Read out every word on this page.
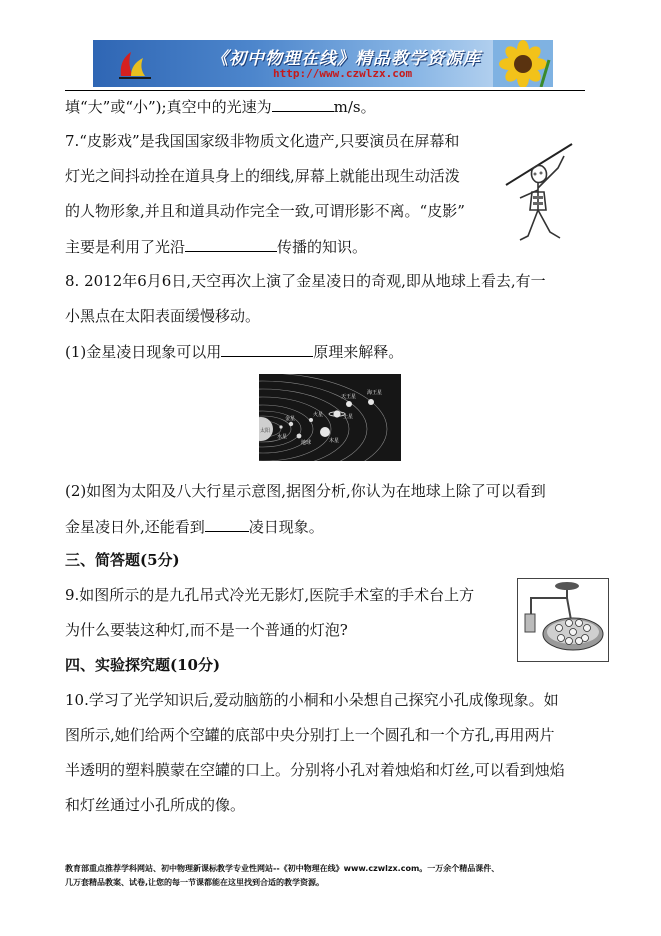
《初中物理在线》精品教学资源库
http://www.czwlzx.com
填“大”或“小”);真空中的光速为	m/s。
7.“皮影戏”是我国国家级非物质文化遗产,只要演员在屏幕和
灯光之间抖动拴在道具身上的细线,屏幕上就能出现生动活泼
的人物形象,并且和道具动作完全一致,可谓形影不离。“皮影”
主要是利用了光沿	传播的知识。
8. 2012年6月6日,天空再次上演了金星凌日的奇观,即从地球上看去,有一
小黑点在太阳表面缓慢移动。
(1)金星凌日现象可以用	原理来解释。
天王星
海王星
土星
木星
火星
地球
金星
水星
太阳
(2)如图为太阳及八大行星示意图,据图分析,你认为在地球上除了可以看到
金星凌日外,还能看到	凌日现象。
三、简答题(5分)
9.如图所示的是九孔吊式冷光无影灯,医院手术室的手术台上方
为什么要装这种灯,而不是一个普通的灯泡?
四、实验探究题(10分)
10.学习了光学知识后,爱动脑筋的小桐和小朵想自己探究小孔成像现象。如
图所示,她们给两个空罐的底部中央分别打上一个圆孔和一个方孔,再用两片
半透明的塑料膜蒙在空罐的口上。分别将小孔对着烛焰和灯丝,可以看到烛焰
和灯丝通过小孔所成的像。
教育部重点推荐学科网站、初中物理新课标教学专业性网站--《初中物理在线》www.czwlzx.com。一万余个精品课件、
几万套精品教案、试卷,让您的每一节课都能在这里找到合适的教学资源。
